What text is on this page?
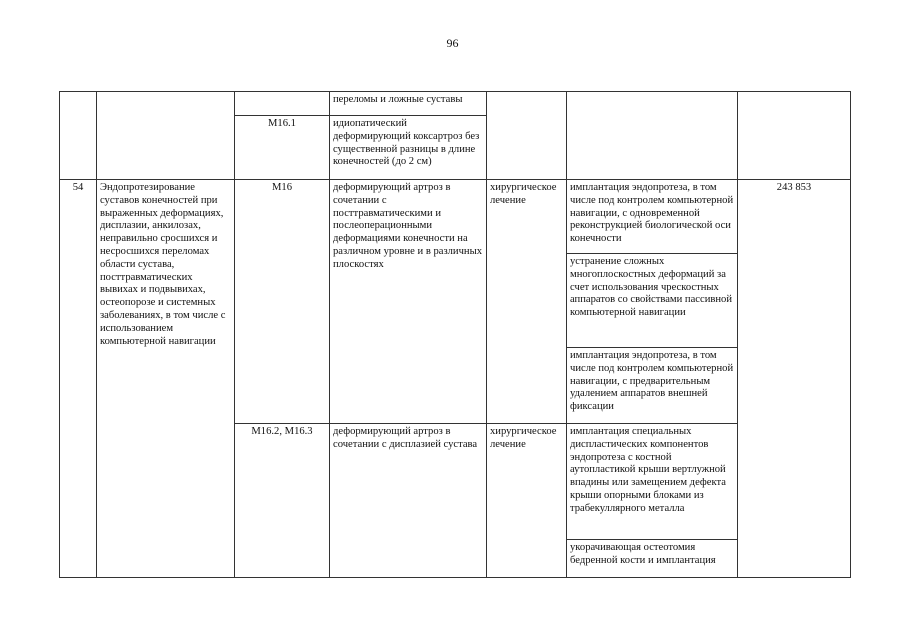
96
			переломы и ложные суставы			
		M16.1	идиопатический деформирующий коксартроз без существенной разницы в длине конечностей (до 2 см)			
54	Эндопротезирование суставов конечностей при выраженных деформациях, дисплазии, анкилозах, неправильно сросшихся и несросшихся переломах области сустава, посттравматических вывихах и подвывихах, остеопорозе и системных заболеваниях, в том числе с использованием компьютерной навигации	M16	деформирующий артроз в сочетании с посттравматическими и послеоперационными деформациями конечности на различном уровне и в различных плоскостях	хирургическое лечение	имплантация эндопротеза, в том числе под контролем компьютерной навигации, с одновременной реконструкцией биологической оси конечности	243 853
					устранение сложных многоплоскостных деформаций за счет использования чрескостных аппаратов со свойствами пассивной компьютерной навигации	
					имплантация эндопротеза, в том числе под контролем компьютерной навигации, с предварительным удалением аппаратов внешней фиксации	
		M16.2, M16.3	деформирующий артроз в сочетании с дисплазией сустава	хирургическое лечение	имплантация специальных диспластических компонентов эндопротеза с костной аутопластикой крыши вертлужной впадины или замещением дефекта крыши опорными блоками из трабекуллярного металла	
					укорачивающая остеотомия бедренной кости и имплантация	
